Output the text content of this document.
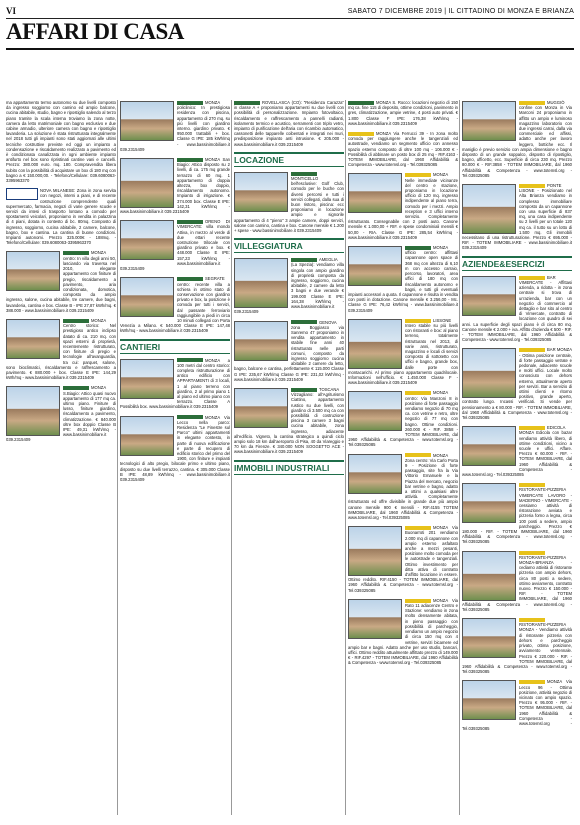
VI	SABATO 7 DICEMBRE 2019 | IL CITTADINO DI MONZA E BRIANZA
AFFARI DI CASA
ma appartamento termo autonomo su due livelli composto da ingresso soggiorno con camino ed ampio balcone, cucina abitabile, studio, bagno e ripostiglio salendo al terzo piano tramite la scala interna troviamo la zona notte, camera da letto matrimoniale con bagno esclusivo e due cabine armadio, ulteriore camera con bagno e ripostiglio lavanderia. La soluzione è stata ristrutturata integralmente nel 2018 tutti gli impianti sono stati aggiornati alle ultimi tecniche costruttive previste ed oggi un impianto a condensazione e riscaldamento realizzato a pavimento ed è condizionata canalizzata in ogni ambiente impianto antifurto nel box sono ripristinati cantine vani e cancelli. Prezzo: 380.000 euro. mq. 180. Compravendita libera subito con la possibilità di acquistare un box di 180 mq con bagno a € 150.000,00. - Telefono/Cellulare: 039.6080063-3395963370
NOVA MILANESE: Zona in zona servita con negozi, interni a piani, e di recente costruzione comprendente quali supermercato, farmacia, negozi di varie genere scuole e servizi da intesi di trasporto lontano a comodo per spostamenti veicolari, proponiamo in vendita in palazzina di 4 piani, dotata in contesto di bc. 80mq. Composto di ingresso, soggiorno, cucina abitabile, 2 camere, balcone, bagno, box e cantina. La cantina di buone condizioni. Impianti autonomi. Prezzo 325.000€ - 188mq. - Telefono/Cellulare: 039.6080063-3395963370
MONZA centro: In villa degli anni 50, lasciando via traversa nel 2010, elegante appartamento con finiture di pregio, riscaldamento a pavimento, aria condizionata, domotica, composto da ampio ingresso, salone, cucina abitabile, tre camere, due bagni, lavanderia, cantina e box. Classe B - IPE 27,87 kWh/mq. € 388.000 - www.bassinimobiliare.it 039.2315409
MONZA Centro storico: Nel prestigioso antico inclipso datato di ca. 210 mq. con spazi esterni di proprietà, recentemente ristrutturato, con finiture di pregio e tecnologie all'avanguardia, tra cui: parquet, salone, sono bioclimatici, riscaldamento e raffrescamento a pavimento. € 880.000 + box. Classe E IPE: 144,29 kWh/mq - www.bassinimobiliare.it 039.2315409
MONZA S.Biagio: Attico quasi nuovo appartamento di 177 mq ca. ultimo piano. Finiture di lusso, finiture giardino, riscaldamento a pavimento, climatizzazione. € 840.000 oltre box doppio Classe B IPE: 49,31 kWh/mq - www.bassinimobiliare.it 039.2315409
MONZA policlinico: In prestigiosa residenza con piscina, appartamento di 270 mq. su più livelli con giardino interno. giardino privato. € 950.000 trattabili + box. Classe G IPE: 185 kWh/mq - www.bassinimobiliare.it 039.2315409
MONZA San Biagio: Attico disposto su 2 livelli, di ca. 175 mq grande terrazzo di 60 mq. 1 appartamento di doppia altezza, box doppio, riscaldamento autonomo. Impianto di irrigazione. € 374.000 box. Classe E IPE: 142,31 kWh/mq - www.bassinimobiliare.it 039.2315409
ORENO DI VIMERCATE: villa mondo Attiva, in mezzo al verde di due ettari recente costruzione trilocale con giardino privato e box. € 448.000 Classe E IPE: 157,23 kWh/mq - www.bassinimobiliare.it 039.2315409
SEGRATE centro: recente villa a schiera in ottimo stato di conservazione con giardino privato e box, la posizione è comoda per tutti i servizi, dal passante ferroviario raggiungibile a piedi in circa 10 minuti collegati con Porta Venezia a Milano. € 540.000 Classe E IPE: 147,48 kWh/mq - www.bassinimobiliare.it 039.2315409
CANTIERI
MONZA a 100 metri dal centro storico: completa ristrutturazione di antico edificio con APPARTAMENTI di 3 locali, 1 al piano terreno con giardino, 2 al primo piano 1 al piano ed ultimo piano con terrazzo. Classe A Possibilità box. www.bassinimobiliare.it 039.2315409
MONZA Via Lecco nella parco: Residenza "Le Finestre sul Parco" ultimi appartamenti in elegante contesto, in parte di nuova edificazione e parte di recupero di edificio storico del primo del 1900, con finiture e impianti tecnologici di alto pregio, bilocale primo e ultimo piano, disposto su due livelli terrazzo, cantina. € 305.000 Classe B IPE: 48,89 kWh/mq - www.bassinimobiliare.it 039.2315409
ROVELLASCA (CO): "Residenza Carazza" in classe A + proponiamo appartamenti su due livelli con possibilità di personalizzazione. Impianto fotovoltaico, riscaldamento e raffrescamento a pannelli radianti, isolamento termico e acustico, serramenti con triplo vetro, impianto di purificazione dell'aria con ricambio automatico, cassonetti delle tapparelle coibentati e integrati nei muri, predisposizione impianto anti intrusione. € 205.000 - www.bassinimobiliare.it 039.2315409
LOCAZIONE
MONTICELLO bell'esclusive: Golf Club, comodo per le buche con diversi percorsi e tutti i servizi collegati, dalla sua di buon ristoro, piscina: ecc proponiamo in locazione ampio e signorile appartamento di 4 "pieno" 3 ampie camere, doppi servizi, salone con camino, cantina e box. Canone mensile € 1.200 + spese - www.bassinimobiliare.it 039.2315409
VILLEGGIATURA
AMEGLIA (La Spezia): vendiamo villa singola con ampio giardino di proprietà composta da ingresso, soggiorno, cucina abitabile, 2 camere da letto 3 bagni e due verande € 199.000 Classe E IPE: 164,38 kWh/mq - www.bassinimobiliare.it 039.2315409
GENOVA zona Boggiasco via Sanremo 47 proponiamo in vendita appartamento in stabile fine anni 40 ristrutturato nelle parti comuni, composto da ingresso soggiorno cucina abitabile 2 camere da letto, bagno, balcone e cantina, perfettamente € 115.000 Classe G IPE: 235,67 kWh/mq Classe G IPE: 231,02 kWh/mq - www.bassinimobiliare.it 039.2315409
TOSCANA Vizzagliano: all'Agriturismo Ciattino, appartamento rustico su due livelli, con giardino di 3.500 mq ca con possibilità di costruzione piscina 3 camere 3 bagni cucina abitabile, zona ingresso, adiacente all'edificio. Vigneto, la cantina strategico a quindi ciclo ampio solo 18 km dall'aeroporto di Pisa, 40 da Viareggio e 70 km da Firenze. € 340.000 NON SOGGETTO ACE - www.bassinimobiliare.it 039.2315409
IMMOBILI INDUSTRIALI
MONZA S. Rocco: locazioni negozio di 150 mq ca. fine 115 di deposito, ottime condizioni, pavimento in gres, climatizzazione, ampie vetrine, 4 posti auto privati. € 1.800 Classe F IPE: 176,38 kWh/mq - www.bassinimobiliare.it 039.2315409
MONZA Via Ferrucci 39 - In zona molto comoda per raggiungere anche le tangenziali ed autostrade, vendiamo un segmento ufficio con annesso spazio esterno composto di oltre 100 mq - 106.000 € - Possibilità di abbinare un posto box di 25 mq - RIF.4163 - TOTEM IMMOBILIARE, dal 1960 Affidabilità & Competenza - www.totemsl.org - Tel.039325085
MONZA Nelle immediate vicinanze del centro e stazione, proponiamo in locazione ufficio di 120 mq. ingresso indipendente al piano terra, comodo per i mezzi. Ampio reception e 3 uffici interno servizio. Completamente ristrutturato. Consegnabile con 2 posti auto. Canone mensile € 1.000,00 + RIF. e spese condominiali mensili € 50,00 - RIA. Classe G IPE: 285,54 kWh/mq - www.bassinimobiliare.it 039.2315409
MONZA ufficio centro: affittasi capannone open space di 368 mq con altezza di 6,10 m con accesso carraio, percorso, lavoratori, area uffici di 180 mq con riscaldamento autonomo e bagni, e tutti gli eventuali impianti accessori a quota. Il capannone e risulta in vendita con posti in dotazione. Canone mensile € 3.256,00 - Mc. Classe G IPE: 76,42 kWh/mq - www.bassinimobiliare.it 039.2315409
LISSONE Intero stabile su più livelli con ristoranti e box: al piano terreno, totalmente ristrutturato nel 2013, di varie anni, ristrutturato, magazzino e locali di servizi composto di sottotetto con uffici e bagno, grande box, dalle porte con montacarichi. Al primo piano appartamento quadrilocale. Informazioni nell'ufficio. € 1.450.000 Classe F - www.bassinimobiliare.it 039.2315409
MONZA centro: Via Manzoni 8 in posizione di forte passaggio vendiamo negozio di 70 mq ca. con vetrine e retro, oltre negozio di 77 mq con bagno. Ottime condizioni. 260.000 € - RIF. 3858 - TOTEM IMMOBILIARE, dal 1960 Affidabilità & Competenza - www.totemsl.org - Tel.039325085
MONZA Zona centro: Via Carlo Porta 9 - Posizione di forte passaggio, site fra la Via Vittorio Emanuele e la Piazza del mercato, negozio bar vetrine e bagno, adatto a ottimi a qualsiasi altre attività. Completamente ristrutturato ed offre divisibile in grande due più ampio canone mensile 900 € mensili - RIF.4155 TOTEM IMMOBILIARE, dal 1960 Affidabilità & Competenza - www.totemsl.org - Tel.039325085
MONZA Via Buonarroti 201 vendiamo 2.000 mq di capannone con ampio esterno asfaltato anche a mezzi pesanti, posizione molto comoda per le autostrade e tangenziali. Ottimo investimento per ditta attiva di contratto d'affitto locazione in essere. Ottimo reddito. RIF.4150 - TOTEM IMMOBILIARE, dal 1960 Affidabilità & Competenza - www.totemsl.org - Tel.039325085
MONZA Via Rato 11 adiacenze Centro e Stazione: vendiamo in zona molto densamente abitata, in pieno passaggio con possibilità di parcheggio, vendiamo un ampio negozio di circa 150 mq con 4 vetrine, servizi bicamere ed ampio bar e bagni. Adatto anche per uso studio, bancari, uffici. Ottimo reddito attualmente affittato prezzo di 149.000 € - RIF.4297 - TOTEM IMMOBILIARE, dal 1960 Affidabilità & Competenza - www.totemsl.org - Tel.039325085
MUGGIÒ confine con Monza in Via Marconi 24 proponiamo in affitto un ampio e luminoso magazzino laboratorio con due ingressi carrai, dalla via commerciale ed affissi, adatto anche per lavoro leggero, bottiche ecc. Il maniglio è previo servizio con ampia dimensione e bagno disposto di un grande soppalco, disposto di ripostiglio, bagno, ufficetto, ecc. Superficie di circa 230 mq. Prezzo 80.000 € - RIF.3858 - TOTEM IMMOBILIARE, dal 1960 Affidabilità & Competenza - www.totemsl.org - Tel.039325085
PONTE LISONE - Posizionato nel Alta Brianza vendiamo in complesso immobiliare composto da un capannone con una superficie di 837 mq, una casa indipendente su 2 livelli per un totale 120 mq ca. il tutto su un lotto di 1.500 mq. Gli immobili necessitano di una ristrutturazione. Prezzo € 695.000 - RIF. - TOTEM IMMOBILIARE - www.bassinimobiliare.it 039.2315409
AZIENDE&ESERCIZI
BAR VIMERCATE - Affittasi azienda, a ridotta - in zona centrale si trova di un'azienda, bar con un negozio di commercio al dettaglio e bar sito al centro di Vimercate, contratto di locazione con quadro di sei anni. La superficie degli spazi piano è di circa 80 mq. Canone mensile € 2.000 + iva. Affitto d'azienda € 500 - RIF. - TOTEM IMMOBILIARE, dal 1960 Affidabilità & Competenza - www.totemsl.org - Tel.039325085
BAR MONZA - Ottima posizione centrale, di forte passaggio vetrate e pedonale, adiacente scuole e molti uffici. Locale molto conosciuto con dehors esterno, attualmente aperto per servizi. Bar a servizio di ottimi clienti e ritorno positivo, grande aperto, contratto lungo. Incassi verificati. Si vende per pensionamento a € 80.000 - RIF. - TOTEM IMMOBILIARE, dal 1960 Affidabilità & Competenza - www.totemsl.org - Tel.039325085
EDICOLA MONZA Edicola con bazar vendiamo attività libero, di ottime condizioni, vicino a scuole e uffici. Affare. Prezzo € 60.000 - RIF. - TOTEM IMMOBILIARE, dal 1960 Affidabilità & Competenza - www.totemsl.org - Tel.039325085
RISTORANTE-PIZZERIA VIMERCATE LAVORO - MADERNO - VIMERCATE - cessiamo attività di ristorazione avviata e pizzeria forno a legna, circa 100 posti a sedere, ampio parcheggio. Prezzo € 180.000 - RIF. - TOTEM IMMOBILIARE, dal 1960 Affidabilità & Competenza - www.totemsl.org - Tel.039325085
RISTORANTE-PIZZERIA MONZA-BRIANZA - cediamo attività di ristorante pizzeria con ampio dehors, circa 80 posti a sedere, ottimo avviamento, contratto nuovo. Prezzo € 150.000 - RIF. - TOTEM IMMOBILIARE, dal 1960 Affidabilità & Competenza - www.totemsl.org - Tel.039325085
RISTORANTE-PIZZERIA MONZA - Vendiamo attività di ristorante pizzeria con dehors e parcheggio privato, ottima posizione, avviamento ventennale. Prezzo € 220.000 - RIF. - TOTEM IMMOBILIARE, dal 1960 Affidabilità & Competenza - www.totemsl.org - Tel.039325085
MONZA Via Lecco 96 - Ottima posizione, attività negozio di vicinato con ampio spazio. Prezzo € 95.000 - RIF. - TOTEM IMMOBILIARE, dal 1960 Affidabilità & Competenza - www.totemsl.org - Tel.039325085
